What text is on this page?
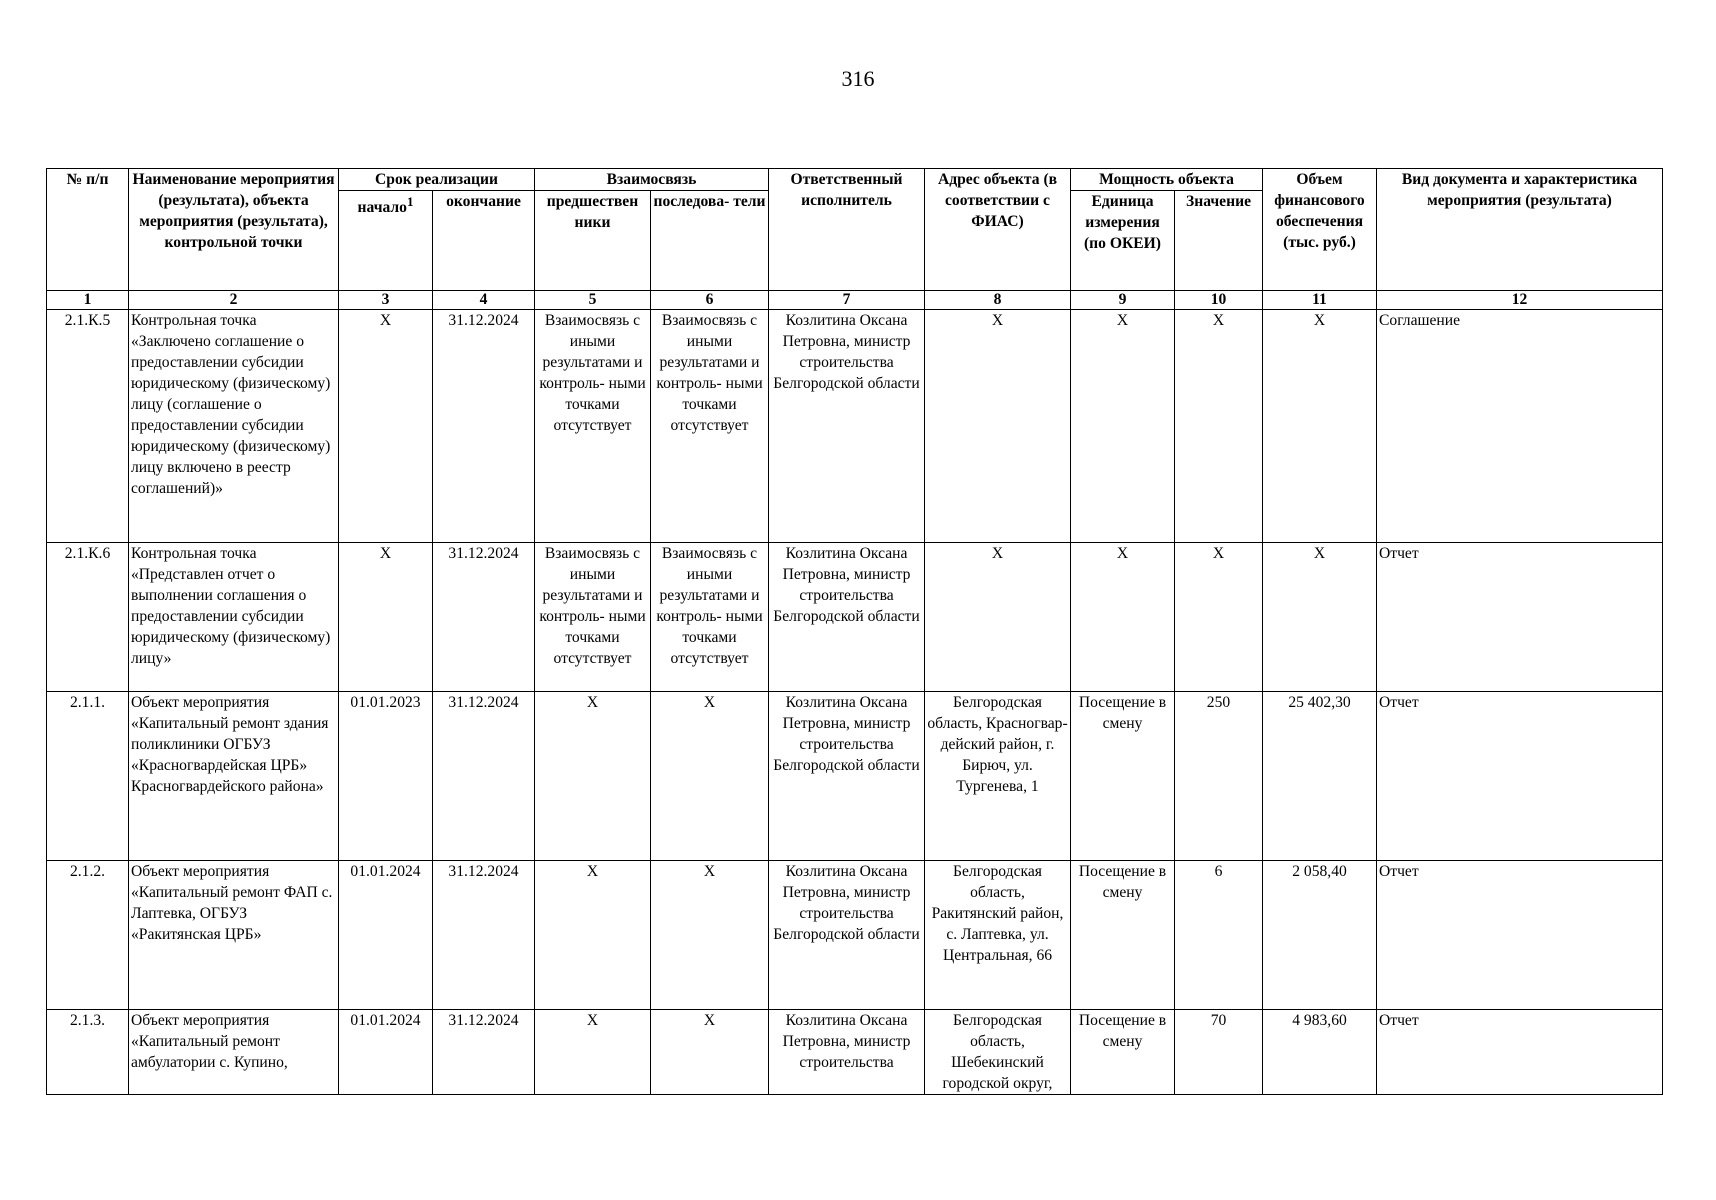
316
№ п/п	Наименование мероприятия (результата), объекта мероприятия (результата), контрольной точки	Срок реализации		Взаимосвязь		Ответственный исполнитель	Адрес объекта (в соответствии с ФИАС)	Мощность объекта		Объем финансового обеспечения (тыс. руб.)	Вид документа и характеристика мероприятия (результата)
		начало$^1$	окончание	предшествен ники	последова- тели			Единица измерения (по ОКЕИ)	Значение		
1	2	3	4	5	6	7	8	9	10	11	12
2.1.К.5	Контрольная точка «Заключено соглашение о предоставлении субсидии юридическому (физическому) лицу (соглашение о предоставлении субсидии юридическому (физическому) лицу включено в реестр соглашений)»	X	31.12.2024	Взаимосвязь с иными результатами и контроль- ными точками отсутствует	Взаимосвязь с иными результатами и контроль- ными точками отсутствует	Козлитина Оксана Петровна, министр строительства Белгородской области	X	X	X	X	Соглашение
2.1.К.6	Контрольная точка «Представлен отчет о выполнении соглашения о предоставлении субсидии юридическому (физическому) лицу»	X	31.12.2024	Взаимосвязь с иными результатами и контроль- ными точками отсутствует	Взаимосвязь с иными результатами и контроль- ными точками отсутствует	Козлитина Оксана Петровна, министр строительства Белгородской области	X	X	X	X	Отчет
2.1.1.	Объект мероприятия «Капитальный ремонт здания поликлиники ОГБУЗ «Красногвардейская ЦРБ» Красногвардейского района»	01.01.2023	31.12.2024	X	X	Козлитина Оксана Петровна, министр строительства Белгородской области	Белгородская область, Красногвар- дейский район, г. Бирюч, ул. Тургенева, 1	Посещение в смену	250	25 402,30	Отчет
2.1.2.	Объект мероприятия «Капитальный ремонт ФАП с. Лаптевка, ОГБУЗ «Ракитянская ЦРБ»	01.01.2024	31.12.2024	X	X	Козлитина Оксана Петровна, министр строительства Белгородской области	Белгородская область, Ракитянский район, с. Лаптевка, ул. Центральная, 66	Посещение в смену	6	2 058,40	Отчет
2.1.3.	Объект мероприятия «Капитальный ремонт амбулатории с. Купино,	01.01.2024	31.12.2024	X	X	Козлитина Оксана Петровна, министр строительства	Белгородская область, Шебекинский городской округ,	Посещение в смену	70	4 983,60	Отчет
